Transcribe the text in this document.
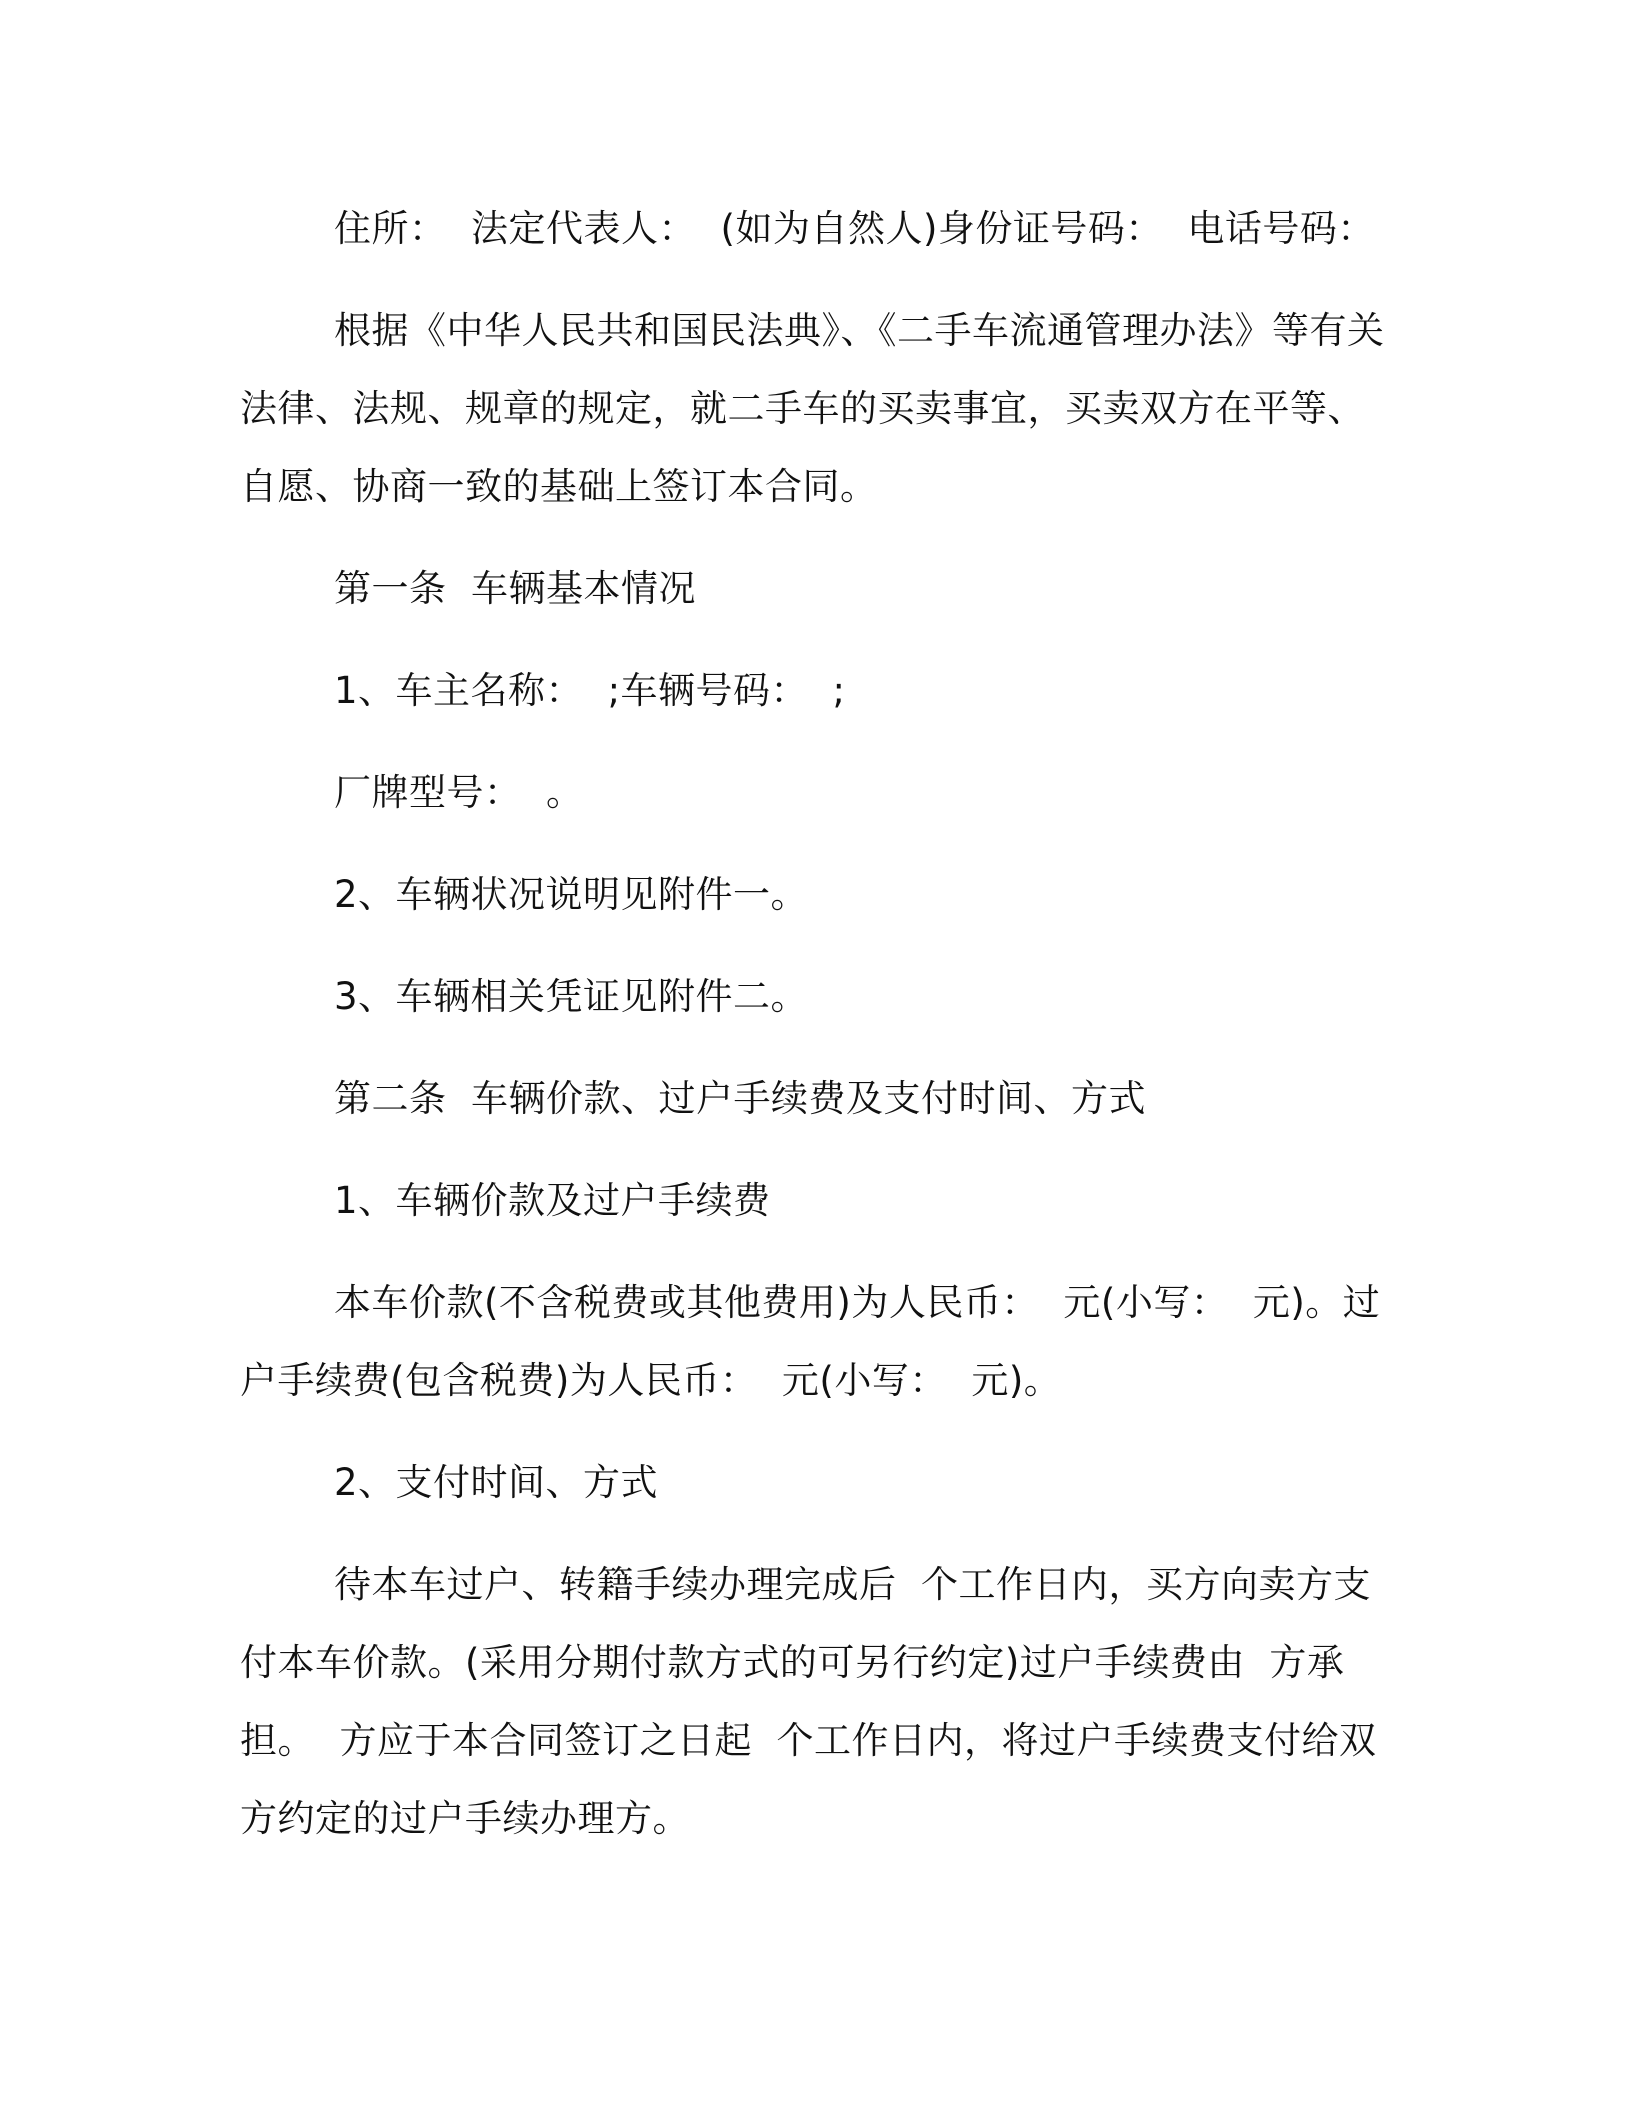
住所：  法定代表人：  (如为自然人)身份证号码：  电话号码：

根据《中华人民共和国民法典》、《二手车流通管理办法》等有关法律、法规、规章的规定，就二手车的买卖事宜，买卖双方在平等、自愿、协商一致的基础上签订本合同。

第一条  车辆基本情况

1、车主名称：  ;车辆号码：  ;

厂牌型号：  。

2、车辆状况说明见附件一。

3、车辆相关凭证见附件二。

第二条  车辆价款、过户手续费及支付时间、方式

1、车辆价款及过户手续费

本车价款(不含税费或其他费用)为人民币：  元(小写：  元)。过户手续费(包含税费)为人民币：  元(小写：  元)。

2、支付时间、方式

待本车过户、转籍手续办理完成后  个工作日内，买方向卖方支付本车价款。(采用分期付款方式的可另行约定)过户手续费由  方承担。  方应于本合同签订之日起  个工作日内，将过户手续费支付给双方约定的过户手续办理方。
